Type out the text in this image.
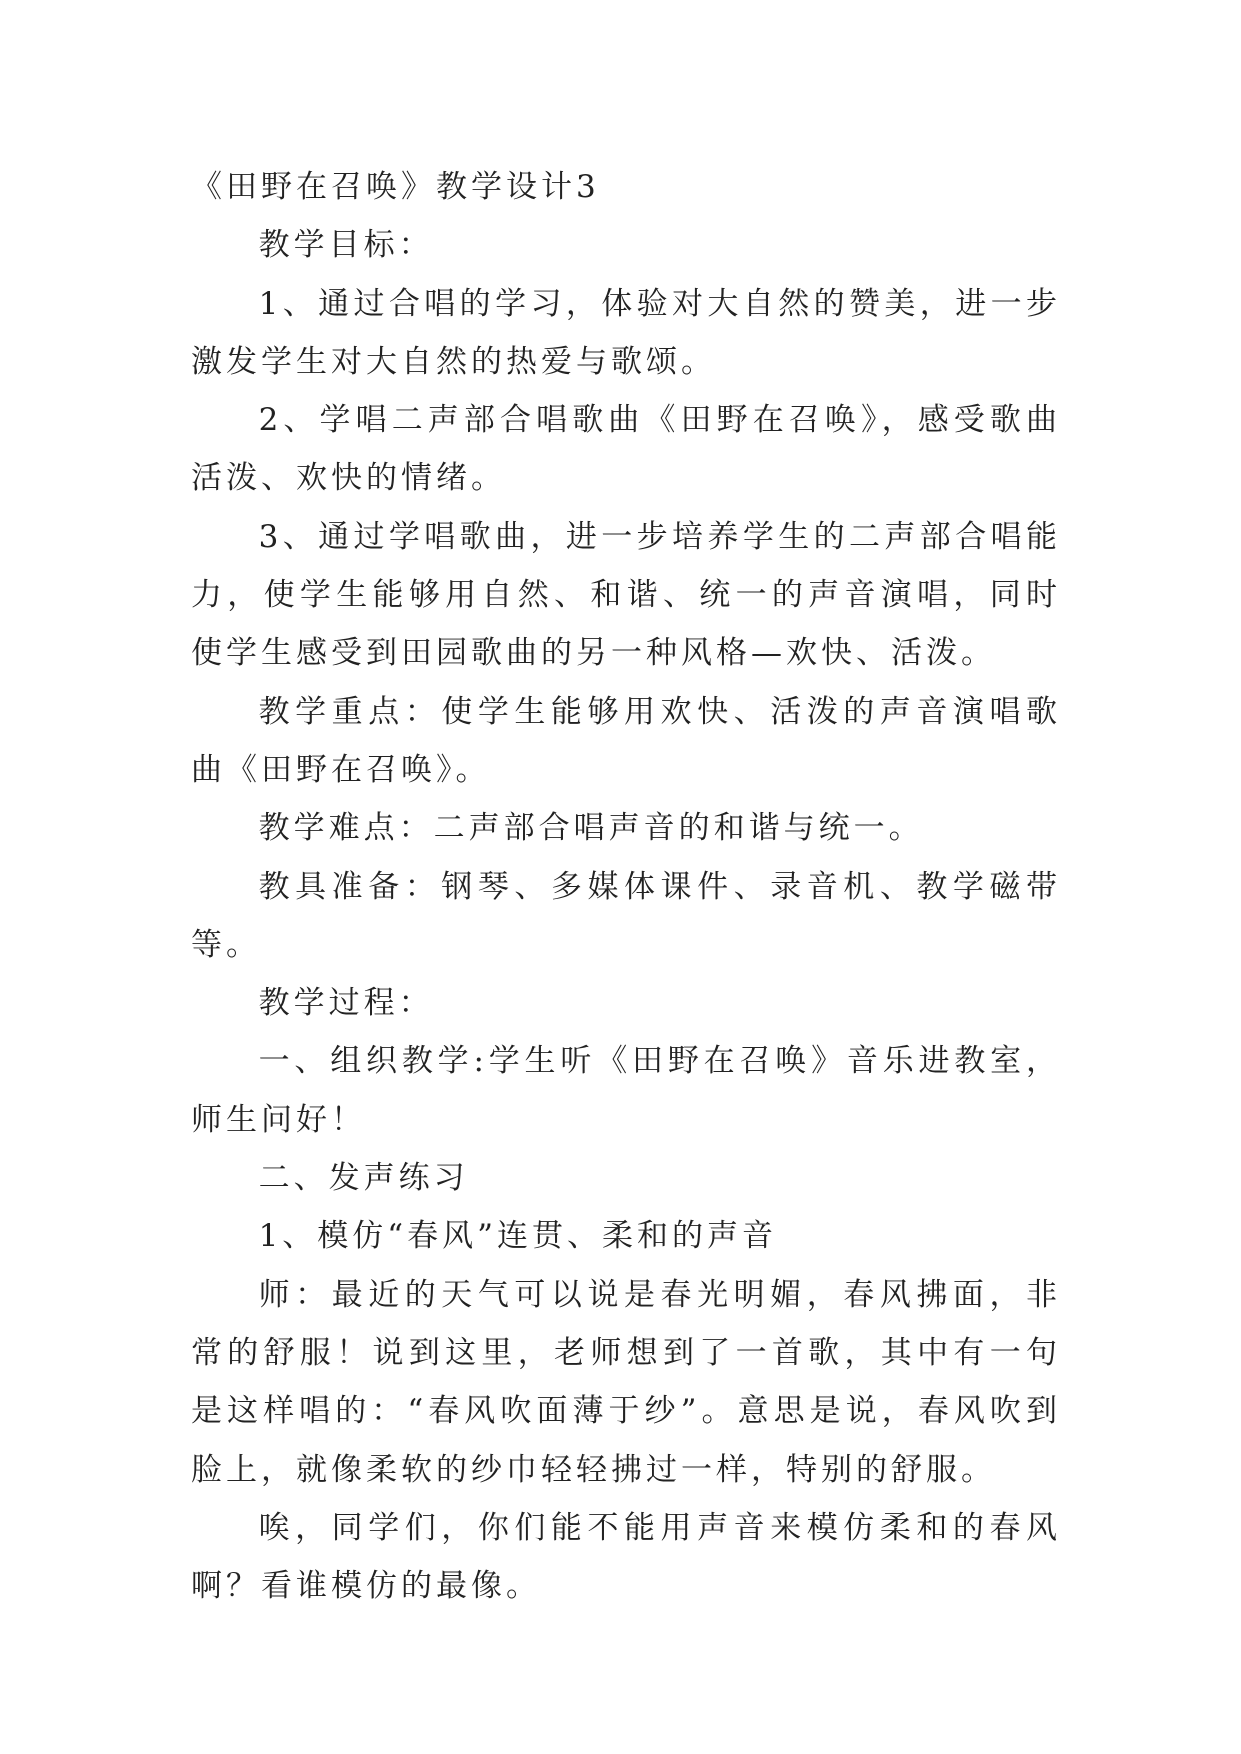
《田野在召唤》教学设计3

教学目标：

1、通过合唱的学习，体验对大自然的赞美，进一步激发学生对大自然的热爱与歌颂。

2、学唱二声部合唱歌曲《田野在召唤》，感受歌曲活泼、欢快的情绪。

3、通过学唱歌曲，进一步培养学生的二声部合唱能力，使学生能够用自然、和谐、统一的声音演唱，同时使学生感受到田园歌曲的另一种风格—欢快、活泼。

教学重点：使学生能够用欢快、活泼的声音演唱歌曲《田野在召唤》。

教学难点：二声部合唱声音的和谐与统一。

教具准备：钢琴、多媒体课件、录音机、教学磁带等。

教学过程：

一、组织教学:学生听《田野在召唤》音乐进教室，师生问好！

二、发声练习

1、模仿“春风”连贯、柔和的声音

师：最近的天气可以说是春光明媚，春风拂面，非常的舒服！说到这里，老师想到了一首歌，其中有一句是这样唱的：“春风吹面薄于纱”。意思是说，春风吹到脸上，就像柔软的纱巾轻轻拂过一样，特别的舒服。

唉，同学们，你们能不能用声音来模仿柔和的春风啊？看谁模仿的最像。
